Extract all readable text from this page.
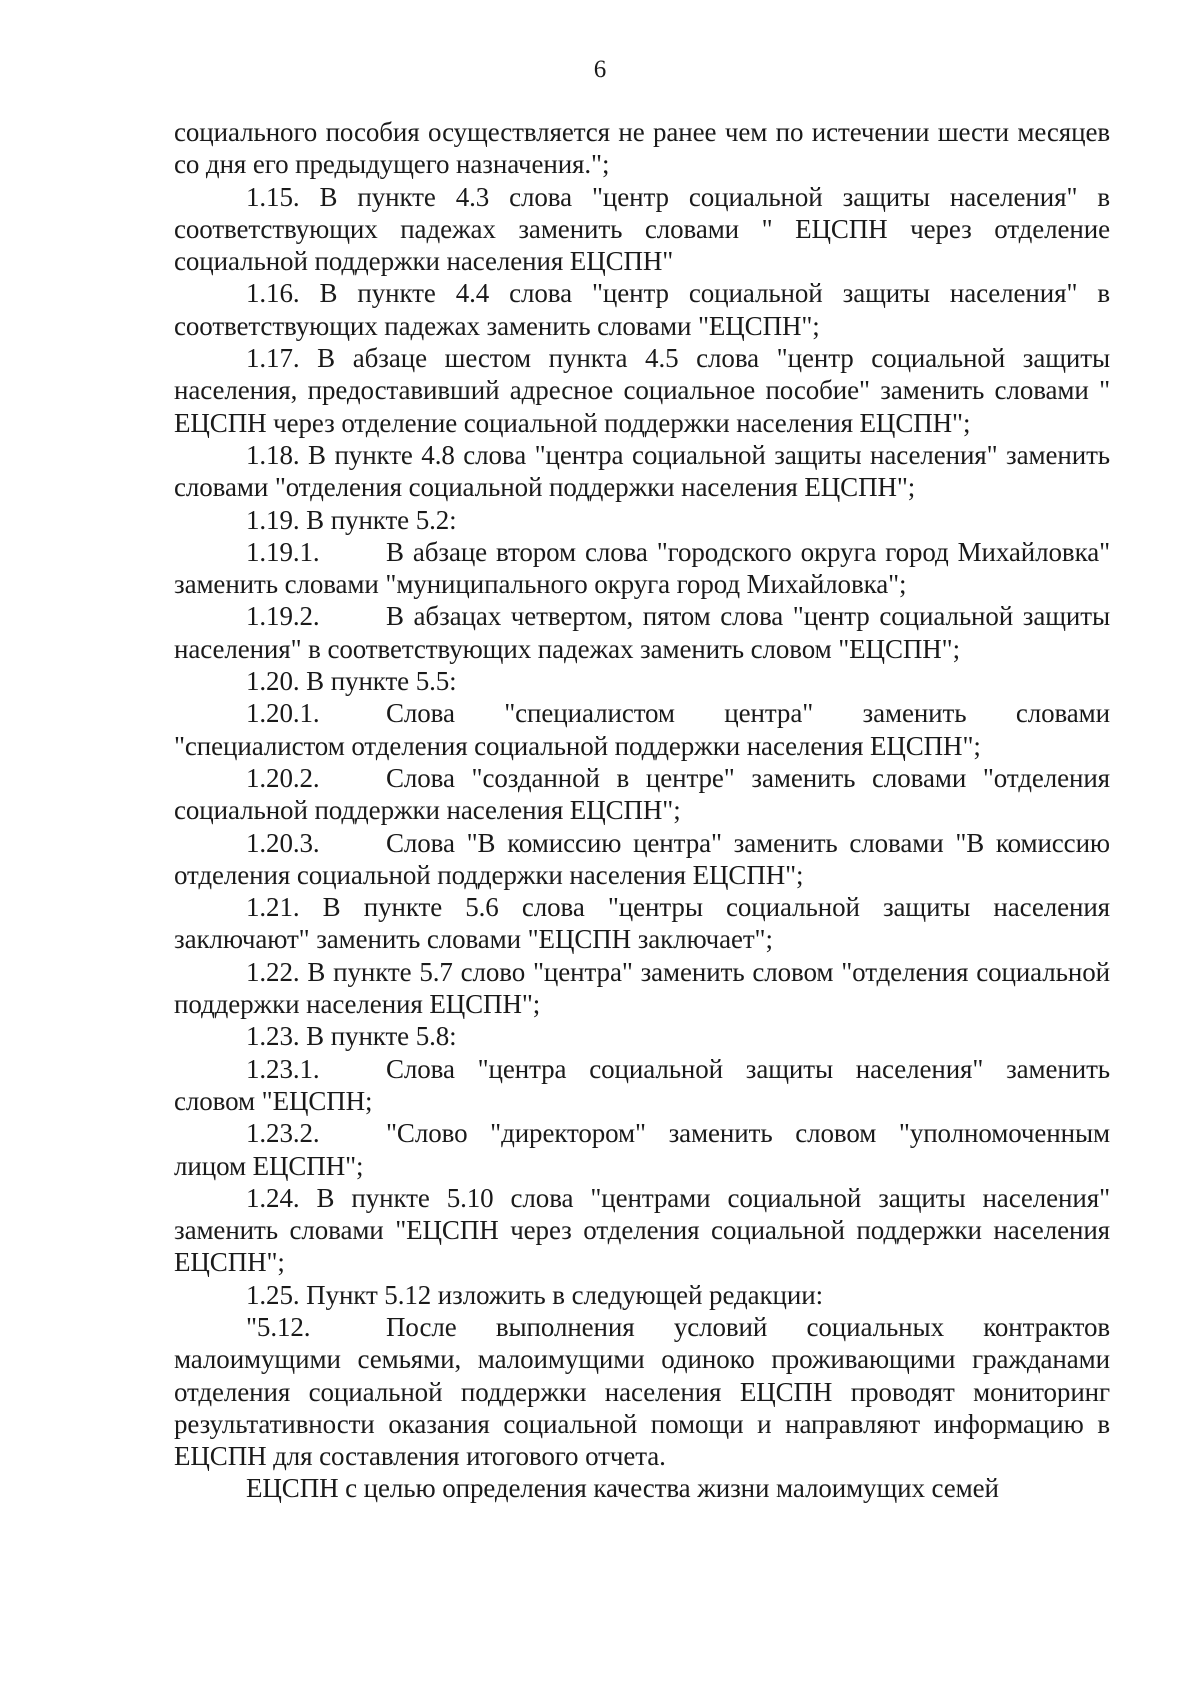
6

социального пособия осуществляется не ранее чем по истечении шести месяцев со дня его предыдущего назначения.";

1.15. В пункте 4.3 слова "центр социальной защиты населения" в соответствующих падежах заменить словами " ЕЦСПН через отделение социальной поддержки населения ЕЦСПН"

1.16. В пункте 4.4 слова "центр социальной защиты населения" в соответствующих падежах заменить словами "ЕЦСПН";

1.17. В абзаце шестом пункта 4.5 слова "центр социальной защиты населения, предоставивший адресное социальное пособие" заменить словами " ЕЦСПН через отделение социальной поддержки населения ЕЦСПН";

1.18. В пункте 4.8 слова "центра социальной защиты населения" заменить словами "отделения социальной поддержки населения ЕЦСПН";

1.19. В пункте 5.2:

1.19.1. В абзаце втором слова "городского округа город Михайловка" заменить словами "муниципального округа город Михайловка";

1.19.2. В абзацах четвертом, пятом слова "центр социальной защиты населения" в соответствующих падежах заменить словом "ЕЦСПН";

1.20. В пункте 5.5:

1.20.1. Слова "специалистом центра" заменить словами "специалистом отделения социальной поддержки населения ЕЦСПН";

1.20.2. Слова "созданной в центре" заменить словами "отделения социальной поддержки населения ЕЦСПН";

1.20.3. Слова "В комиссию центра" заменить словами "В комиссию отделения социальной поддержки населения ЕЦСПН";

1.21. В пункте 5.6 слова "центры социальной защиты населения заключают" заменить словами "ЕЦСПН заключает";

1.22. В пункте 5.7 слово "центра" заменить словом "отделения социальной поддержки населения ЕЦСПН";

1.23. В пункте 5.8:

1.23.1. Слова "центра социальной защиты населения" заменить словом "ЕЦСПН;

1.23.2. "Слово "директором" заменить словом "уполномоченным лицом ЕЦСПН";

1.24. В пункте 5.10 слова "центрами социальной защиты населения" заменить словами "ЕЦСПН через отделения социальной поддержки населения ЕЦСПН";

1.25. Пункт 5.12 изложить в следующей редакции:

"5.12.	После выполнения условий социальных контрактов малоимущими семьями, малоимущими одиноко проживающими гражданами отделения социальной поддержки населения ЕЦСПН проводят мониторинг результативности оказания социальной помощи и направляют информацию в ЕЦСПН для составления итогового отчета.

ЕЦСПН с целью определения качества жизни малоимущих семей
